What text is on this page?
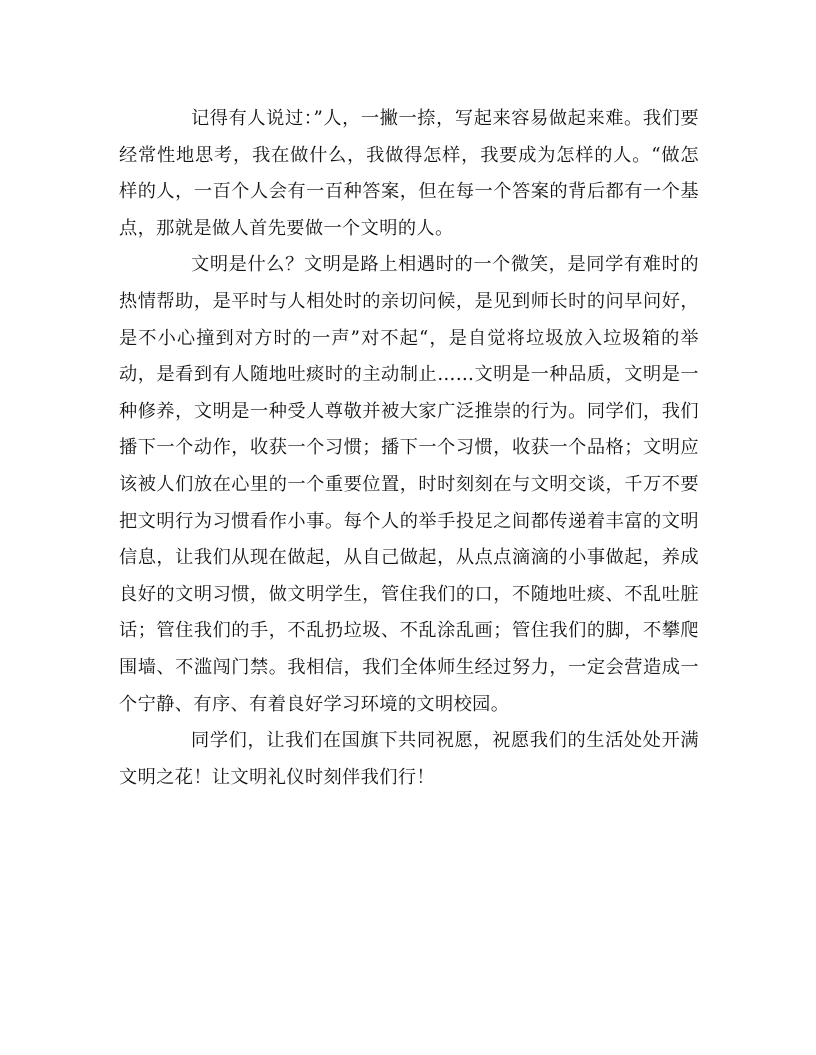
记得有人说过：”人，一撇一捺，写起来容易做起来难。我们要经常性地思考，我在做什么，我做得怎样，我要成为怎样的人。“做怎样的人，一百个人会有一百种答案，但在每一个答案的背后都有一个基点，那就是做人首先要做一个文明的人。

文明是什么？文明是路上相遇时的一个微笑，是同学有难时的热情帮助，是平时与人相处时的亲切问候，是见到师长时的问早问好，是不小心撞到对方时的一声”对不起“，是自觉将垃圾放入垃圾箱的举动，是看到有人随地吐痰时的主动制止……文明是一种品质，文明是一种修养，文明是一种受人尊敬并被大家广泛推崇的行为。同学们，我们播下一个动作，收获一个习惯；播下一个习惯，收获一个品格；文明应该被人们放在心里的一个重要位置，时时刻刻在与文明交谈，千万不要把文明行为习惯看作小事。每个人的举手投足之间都传递着丰富的文明信息，让我们从现在做起，从自己做起，从点点滴滴的小事做起，养成良好的文明习惯，做文明学生，管住我们的口，不随地吐痰、不乱吐脏话；管住我们的手，不乱扔垃圾、不乱涂乱画；管住我们的脚，不攀爬围墙、不滥闯门禁。我相信，我们全体师生经过努力，一定会营造成一个宁静、有序、有着良好学习环境的文明校园。

同学们，让我们在国旗下共同祝愿，祝愿我们的生活处处开满文明之花！让文明礼仪时刻伴我们行！
